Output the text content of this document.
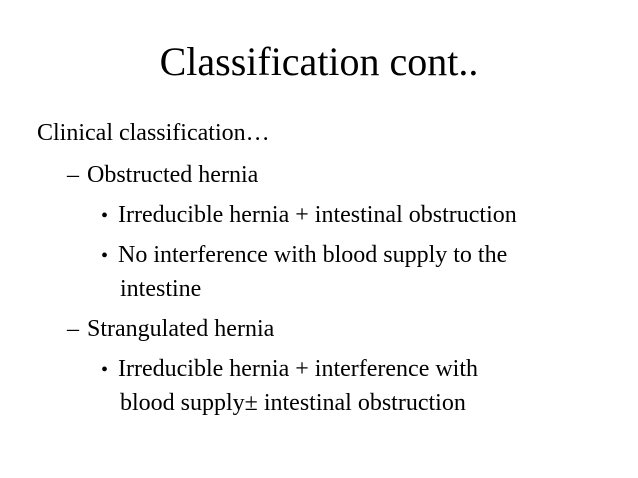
Classification cont..
Clinical classification…
– Obstructed hernia
• Irreducible hernia + intestinal obstruction
• No interference with blood supply to the
intestine
– Strangulated hernia
• Irreducible hernia + interference with
blood supply± intestinal obstruction
